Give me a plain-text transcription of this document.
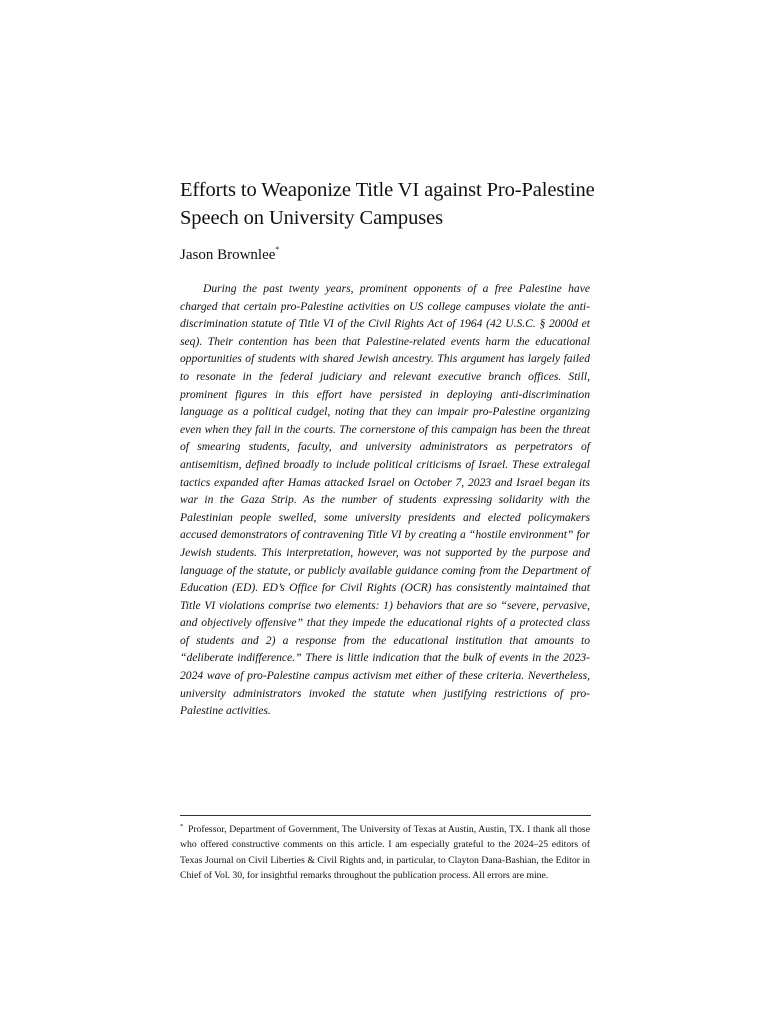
Efforts to Weaponize Title VI against Pro-Palestine Speech on University Campuses

Jason Brownlee*

During the past twenty years, prominent opponents of a free Palestine have charged that certain pro-Palestine activities on US college campuses violate the anti-discrimination statute of Title VI of the Civil Rights Act of 1964 (42 U.S.C. § 2000d et seq). Their contention has been that Palestine-related events harm the educational opportunities of students with shared Jewish ancestry. This argument has largely failed to resonate in the federal judiciary and relevant executive branch offices. Still, prominent figures in this effort have persisted in deploying anti-discrimination language as a political cudgel, noting that they can impair pro-Palestine organizing even when they fail in the courts. The cornerstone of this campaign has been the threat of smearing students, faculty, and university administrators as perpetrators of antisemitism, defined broadly to include political criticisms of Israel. These extralegal tactics expanded after Hamas attacked Israel on October 7, 2023 and Israel began its war in the Gaza Strip. As the number of students expressing solidarity with the Palestinian people swelled, some university presidents and elected policymakers accused demonstrators of contravening Title VI by creating a “hostile environment” for Jewish students. This interpretation, however, was not supported by the purpose and language of the statute, or publicly available guidance coming from the Department of Education (ED). ED’s Office for Civil Rights (OCR) has consistently maintained that Title VI violations comprise two elements: 1) behaviors that are so “severe, pervasive, and objectively offensive” that they impede the educational rights of a protected class of students and 2) a response from the educational institution that amounts to “deliberate indifference.” There is little indication that the bulk of events in the 2023-2024 wave of pro-Palestine campus activism met either of these criteria. Nevertheless, university administrators invoked the statute when justifying restrictions of pro-Palestine activities.

* Professor, Department of Government, The University of Texas at Austin, Austin, TX. I thank all those who offered constructive comments on this article. I am especially grateful to the 2024–25 editors of Texas Journal on Civil Liberties & Civil Rights and, in particular, to Clayton Dana-Bashian, the Editor in Chief of Vol. 30, for insightful remarks throughout the publication process. All errors are mine.
